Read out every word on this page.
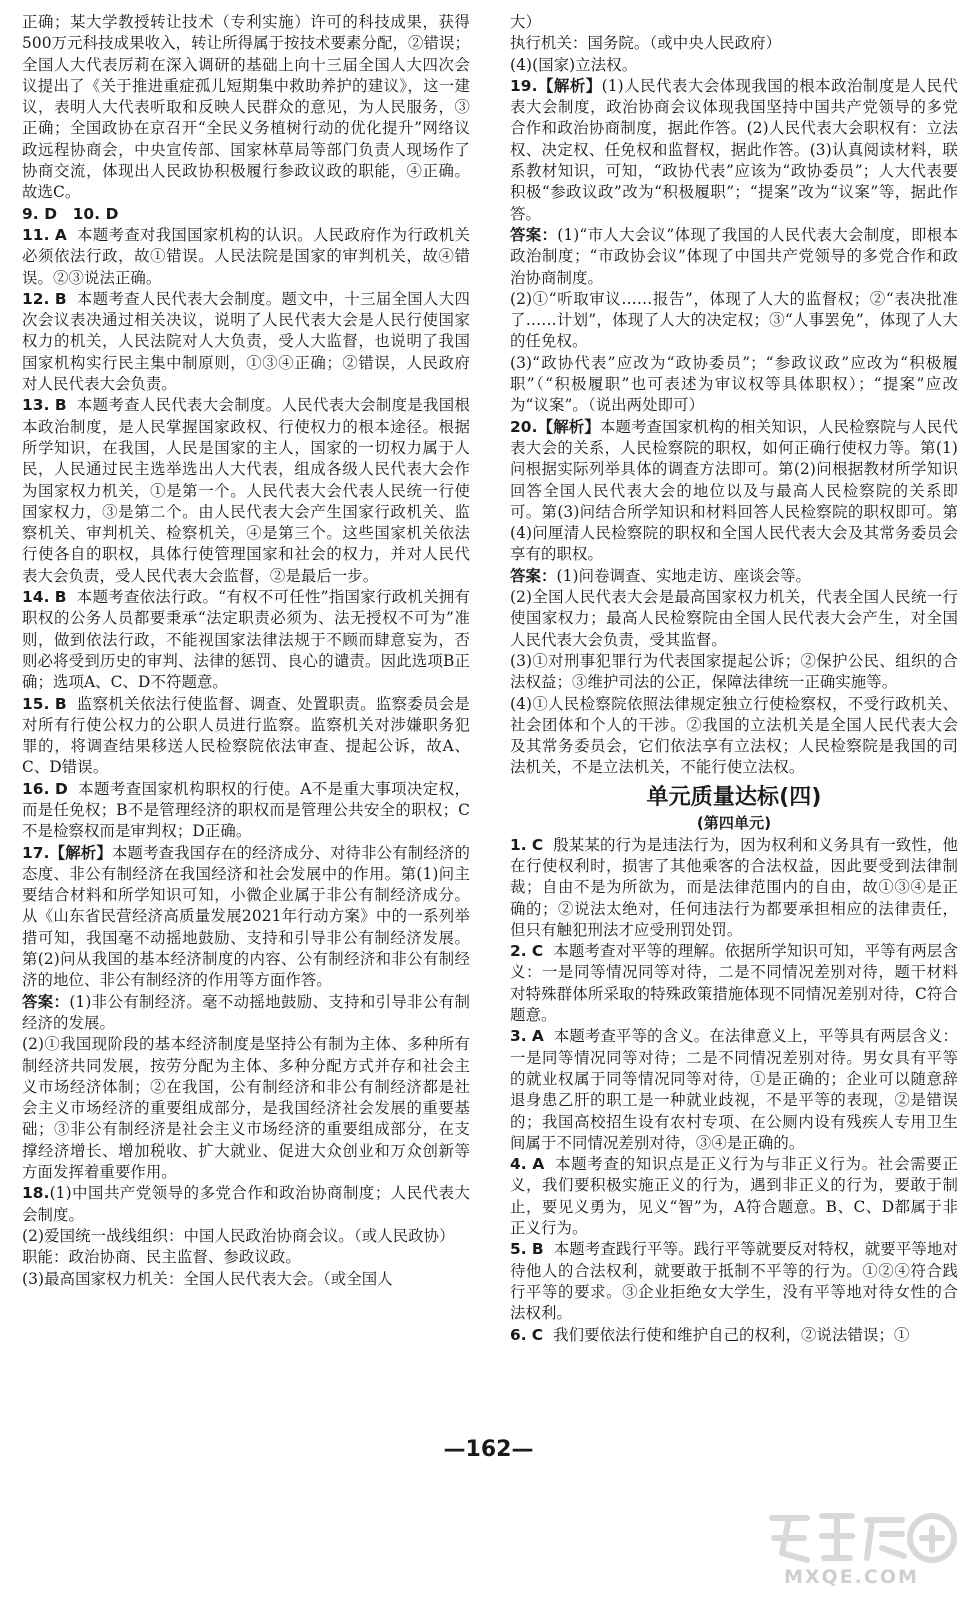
正确；某大学教授转让技术（专利实施）许可的科技成果，获得500万元科技成果收入，转让所得属于按技术要素分配，②错误；全国人大代表厉莉在深入调研的基础上向十三届全国人大四次会议提出了《关于推进重症孤儿短期集中救助养护的建议》，这一建议，表明人大代表听取和反映人民群众的意见，为人民服务，③正确；全国政协在京召开“全民义务植树行动的优化提升”网络议政远程协商会，中央宣传部、国家林草局等部门负责人现场作了协商交流，体现出人民政协积极履行参政议政的职能，④正确。故选C。

9. D　10. D

11. A 本题考查对我国国家机构的认识。人民政府作为行政机关必须依法行政，故①错误。人民法院是国家的审判机关，故④错误。②③说法正确。

12. B 本题考查人民代表大会制度。题文中，十三届全国人大四次会议表决通过相关决议，说明了人民代表大会是人民行使国家权力的机关，人民法院对人大负责，受人大监督，也说明了我国国家机构实行民主集中制原则，①③④正确；②错误，人民政府对人民代表大会负责。

13. B 本题考查人民代表大会制度。人民代表大会制度是我国根本政治制度，是人民掌握国家政权、行使权力的根本途径。根据所学知识，在我国，人民是国家的主人，国家的一切权力属于人民，人民通过民主选举选出人大代表，组成各级人民代表大会作为国家权力机关，①是第一个。人民代表大会代表人民统一行使国家权力，③是第二个。由人民代表大会产生国家行政机关、监察机关、审判机关、检察机关，④是第三个。这些国家机关依法行使各自的职权，具体行使管理国家和社会的权力，并对人民代表大会负责，受人民代表大会监督，②是最后一步。

14. B 本题考查依法行政。“有权不可任性”指国家行政机关拥有职权的公务人员都要秉承“法定职责必须为、法无授权不可为”准则，做到依法行政，不能视国家法律法规于不顾而肆意妄为，否则必将受到历史的审判、法律的惩罚、良心的谴责。因此选项B正确；选项A、C、D不符题意。

15. B 监察机关依法行使监督、调查、处置职责。监察委员会是对所有行使公权力的公职人员进行监察。监察机关对涉嫌职务犯罪的，将调查结果移送人民检察院依法审查、提起公诉，故A、C、D错误。

16. D 本题考查国家机构职权的行使。A不是重大事项决定权，而是任免权；B不是管理经济的职权而是管理公共安全的职权；C不是检察权而是审判权；D正确。

17.【解析】本题考查我国存在的经济成分、对待非公有制经济的态度、非公有制经济在我国经济和社会发展中的作用。第(1)问主要结合材料和所学知识可知，小微企业属于非公有制经济成分。从《山东省民营经济高质量发展2021年行动方案》中的一系列举措可知，我国毫不动摇地鼓励、支持和引导非公有制经济发展。第(2)问从我国的基本经济制度的内容、公有制经济和非公有制经济的地位、非公有制经济的作用等方面作答。

答案：(1)非公有制经济。毫不动摇地鼓励、支持和引导非公有制经济的发展。

(2)①我国现阶段的基本经济制度是坚持公有制为主体、多种所有制经济共同发展，按劳分配为主体、多种分配方式并存和社会主义市场经济体制；②在我国，公有制经济和非公有制经济都是社会主义市场经济的重要组成部分，是我国经济社会发展的重要基础；③非公有制经济是社会主义市场经济的重要组成部分，在支撑经济增长、增加税收、扩大就业、促进大众创业和万众创新等方面发挥着重要作用。

18.(1)中国共产党领导的多党合作和政治协商制度；人民代表大会制度。

(2)爱国统一战线组织：中国人民政治协商会议。（或人民政协）

职能：政治协商、民主监督、参政议政。

(3)最高国家权力机关：全国人民代表大会。（或全国人

大）

执行机关：国务院。（或中央人民政府）

(4)(国家)立法权。

19.【解析】(1)人民代表大会体现我国的根本政治制度是人民代表大会制度，政治协商会议体现我国坚持中国共产党领导的多党合作和政治协商制度，据此作答。(2)人民代表大会职权有：立法权、决定权、任免权和监督权，据此作答。(3)认真阅读材料，联系教材知识，可知，“政协代表”应该为“政协委员”；人大代表要积极“参政议政”改为“积极履职”；“提案”改为“议案”等，据此作答。

答案：(1)“市人大会议”体现了我国的人民代表大会制度，即根本政治制度；“市政协会议”体现了中国共产党领导的多党合作和政治协商制度。

(2)①“听取审议……报告”，体现了人大的监督权；②“表决批准了……计划”，体现了人大的决定权；③“人事罢免”，体现了人大的任免权。

(3)“政协代表”应改为“政协委员”；“参政议政”应改为“积极履职”（“积极履职”也可表述为审议权等具体职权）；“提案”应改为“议案”。（说出两处即可）

20.【解析】本题考查国家机构的相关知识，人民检察院与人民代表大会的关系，人民检察院的职权，如何正确行使权力等。第(1)问根据实际列举具体的调查方法即可。第(2)问根据教材所学知识回答全国人民代表大会的地位以及与最高人民检察院的关系即可。第(3)问结合所学知识和材料回答人民检察院的职权即可。第(4)问厘清人民检察院的职权和全国人民代表大会及其常务委员会享有的职权。

答案：(1)问卷调查、实地走访、座谈会等。

(2)全国人民代表大会是最高国家权力机关，代表全国人民统一行使国家权力；最高人民检察院由全国人民代表大会产生，对全国人民代表大会负责，受其监督。

(3)①对刑事犯罪行为代表国家提起公诉；②保护公民、组织的合法权益；③维护司法的公正，保障法律统一正确实施等。

(4)①人民检察院依照法律规定独立行使检察权，不受行政机关、社会团体和个人的干涉。②我国的立法机关是全国人民代表大会及其常务委员会，它们依法享有立法权；人民检察院是我国的司法机关，不是立法机关，不能行使立法权。

单元质量达标(四)
(第四单元)

1. C 殷某某的行为是违法行为，因为权利和义务具有一致性，他在行使权利时，损害了其他乘客的合法权益，因此要受到法律制裁；自由不是为所欲为，而是法律范围内的自由，故①③④是正确的；②说法太绝对，任何违法行为都要承担相应的法律责任，但只有触犯刑法才应受刑罚处罚。

2. C 本题考查对平等的理解。依据所学知识可知，平等有两层含义：一是同等情况同等对待，二是不同情况差别对待，题干材料对特殊群体所采取的特殊政策措施体现不同情况差别对待，C符合题意。

3. A 本题考查平等的含义。在法律意义上，平等具有两层含义：一是同等情况同等对待；二是不同情况差别对待。男女具有平等的就业权属于同等情况同等对待，①是正确的；企业可以随意辞退身患乙肝的职工是一种就业歧视，不是平等的表现，②是错误的；我国高校招生设有农村专项、在公厕内设有残疾人专用卫生间属于不同情况差别对待，③④是正确的。

4. A 本题考查的知识点是正义行为与非正义行为。社会需要正义，我们要积极实施正义的行为，遇到非正义的行为，要敢于制止，要见义勇为，见义“智”为，A符合题意。B、C、D都属于非正义行为。

5. B 本题考查践行平等。践行平等就要反对特权，就要平等地对待他人的合法权利，就要敢于抵制不平等的行为。①②④符合践行平等的要求。③企业拒绝女大学生，没有平等地对待女性的合法权利。

6. C 我们要依法行使和维护自己的权利，②说法错误；①

—162—
MXQE.COM
